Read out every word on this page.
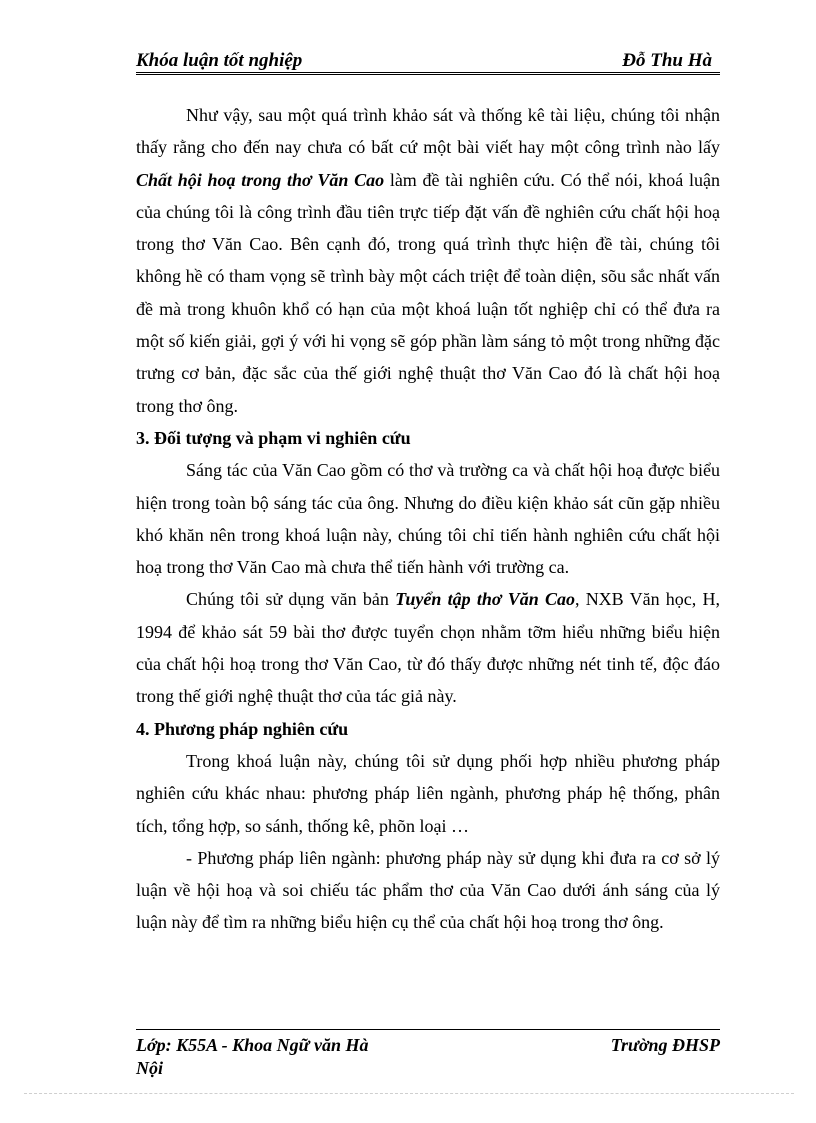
Khóa luận tốt nghiệp	Đỗ Thu Hà

Như vậy, sau một quá trình khảo sát và thống kê tài liệu, chúng tôi nhận thấy rằng cho đến nay chưa có bất cứ một bài viết hay một công trình nào lấy Chất hội hoạ trong thơ Văn Cao làm đề tài nghiên cứu. Có thể nói, khoá luận của chúng tôi là công trình đầu tiên trực tiếp đặt vấn đề nghiên cứu chất hội hoạ trong thơ Văn Cao. Bên cạnh đó, trong quá trình thực hiện đề tài, chúng tôi không hề có tham vọng sẽ trình bày một cách triệt để toàn diện, sõu sắc nhất vấn đề mà trong khuôn khổ có hạn của một khoá luận tốt nghiệp chỉ có thể đưa ra một số kiến giải, gợi ý với hi vọng sẽ góp phần làm sáng tỏ một trong những đặc trưng cơ bản, đặc sắc của thế giới nghệ thuật thơ Văn Cao đó là chất hội hoạ trong thơ ông.

3. Đối tượng và phạm vi nghiên cứu

Sáng tác của Văn Cao gồm có thơ và trường ca và chất hội hoạ được biểu hiện trong toàn bộ sáng tác của ông. Nhưng do điều kiện khảo sát cũn gặp nhiều khó khăn nên trong khoá luận này, chúng tôi chỉ tiến hành nghiên cứu chất hội hoạ trong thơ Văn Cao mà chưa thể tiến hành với trường ca.

Chúng tôi sử dụng văn bản Tuyển tập thơ Văn Cao, NXB Văn học, H, 1994 để khảo sát 59 bài thơ được tuyển chọn nhằm tỡm hiểu những biểu hiện của chất hội hoạ trong thơ Văn Cao, từ đó thấy được những nét tinh tế, độc đáo trong thế giới nghệ thuật thơ của tác giả này.

4. Phương pháp nghiên cứu

Trong khoá luận này, chúng tôi sử dụng phối hợp nhiều phương pháp nghiên cứu khác nhau: phương pháp liên ngành, phương pháp hệ thống, phân tích, tổng hợp, so sánh, thống kê, phõn loại …

- Phương pháp liên ngành: phương pháp này sử dụng khi đưa ra cơ sở lý luận về hội hoạ và soi chiếu tác phẩm thơ của Văn Cao dưới ánh sáng của lý luận này để tìm ra những biểu hiện cụ thể của chất hội hoạ trong thơ ông.

Lớp: K55A - Khoa Ngữ văn Hà Nội
Trường ĐHSP
